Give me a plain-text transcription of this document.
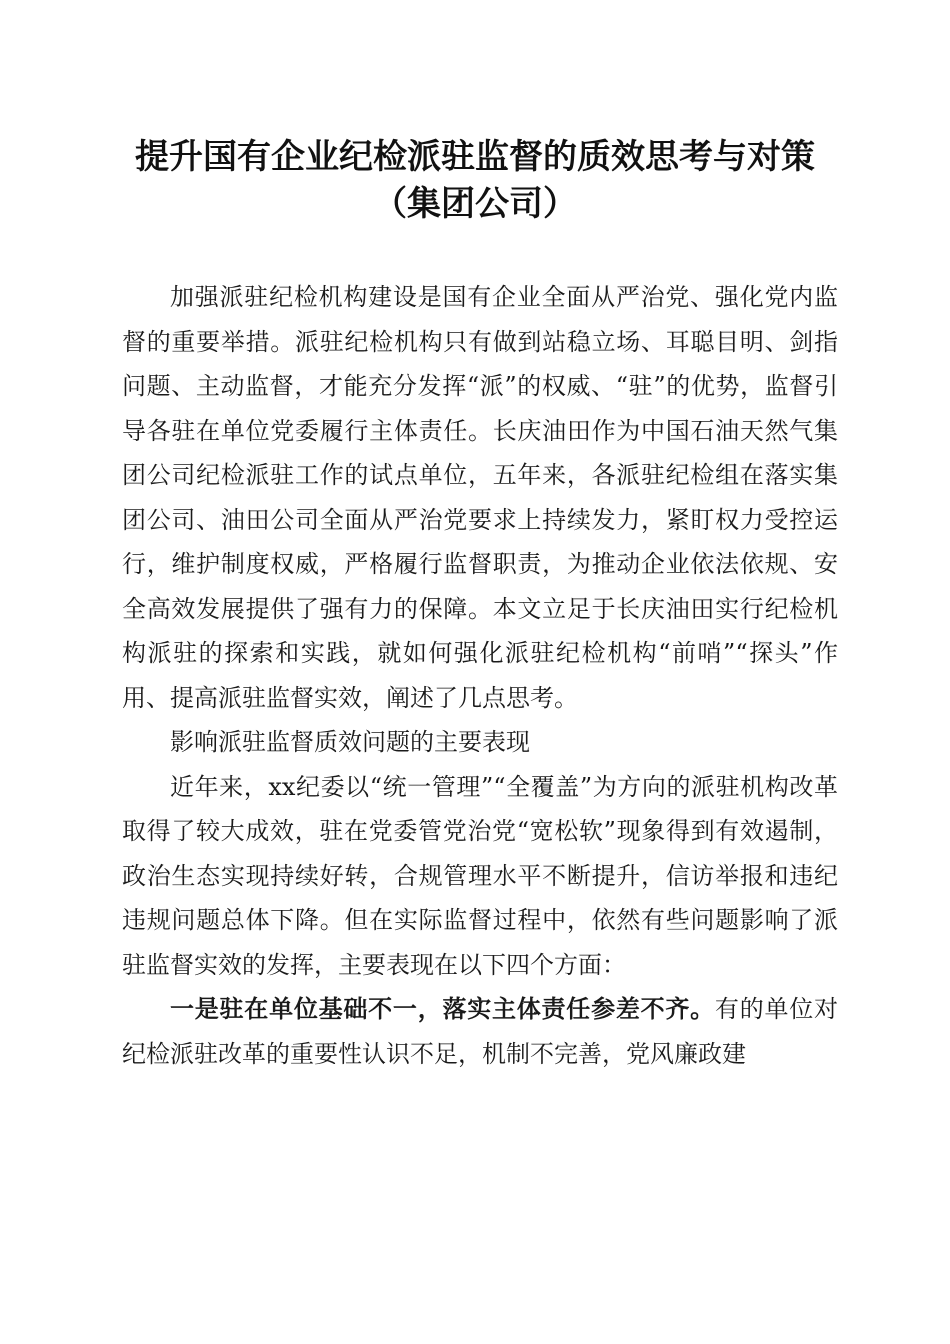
提升国有企业纪检派驻监督的质效思考与对策
（集团公司）

加强派驻纪检机构建设是国有企业全面从严治党、强化党内监督的重要举措。派驻纪检机构只有做到站稳立场、耳聪目明、剑指问题、主动监督，才能充分发挥“派”的权威、“驻”的优势，监督引导各驻在单位党委履行主体责任。长庆油田作为中国石油天然气集团公司纪检派驻工作的试点单位，五年来，各派驻纪检组在落实集团公司、油田公司全面从严治党要求上持续发力，紧盯权力受控运行，维护制度权威，严格履行监督职责，为推动企业依法依规、安全高效发展提供了强有力的保障。本文立足于长庆油田实行纪检机构派驻的探索和实践，就如何强化派驻纪检机构“前哨”“探头”作用、提高派驻监督实效，阐述了几点思考。

影响派驻监督质效问题的主要表现

近年来，xx纪委以“统一管理”“全覆盖”为方向的派驻机构改革取得了较大成效，驻在党委管党治党“宽松软”现象得到有效遏制，政治生态实现持续好转，合规管理水平不断提升，信访举报和违纪违规问题总体下降。但在实际监督过程中，依然有些问题影响了派驻监督实效的发挥，主要表现在以下四个方面：

一是驻在单位基础不一，落实主体责任参差不齐。有的单位对纪检派驻改革的重要性认识不足，机制不完善，党风廉政建
